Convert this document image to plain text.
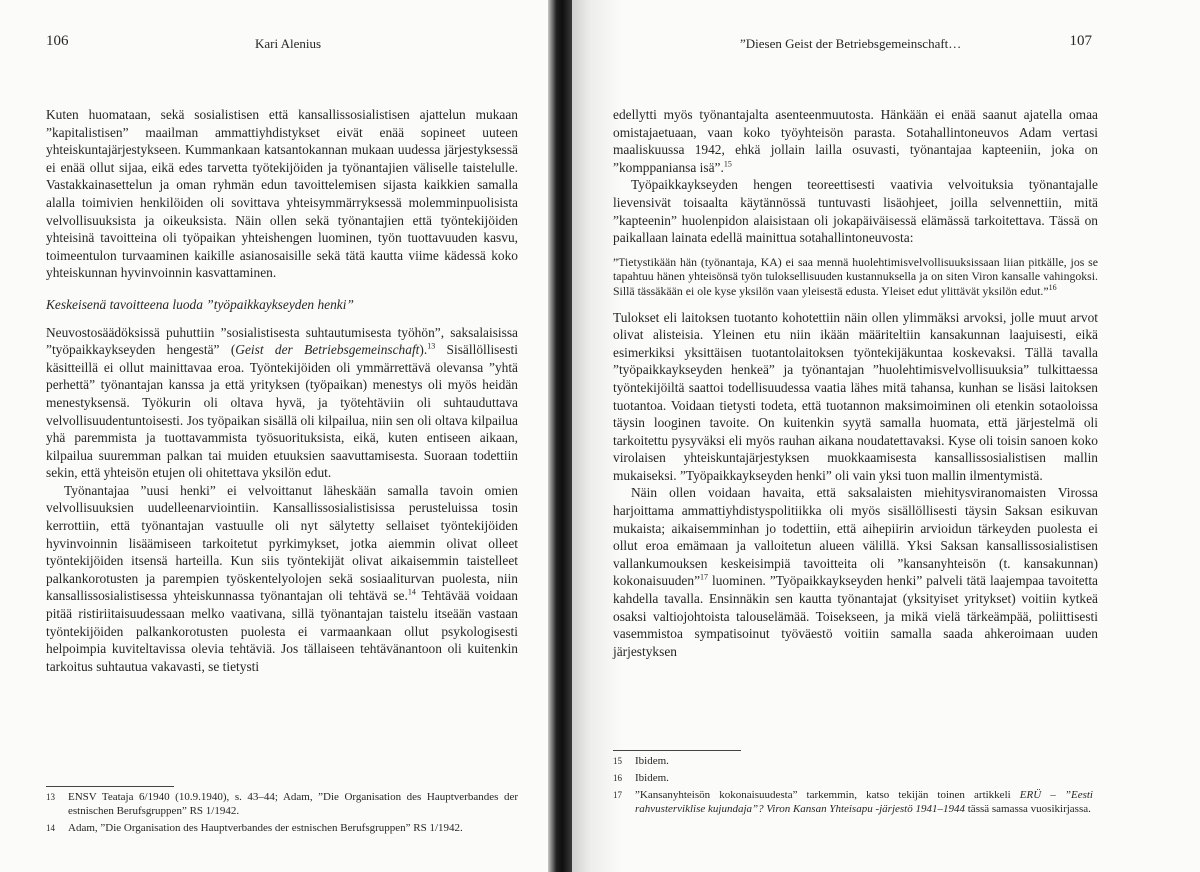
106	Kari Alenius

Kuten huomataan, sekä sosialistisen että kansallissosialistisen ajattelun mukaan ”kapitalistisen” maailman ammattiyhdistykset eivät enää sopineet uuteen yhteiskuntajärjestykseen. Kummankaan katsantokannan mukaan uudessa järjestyksessä ei enää ollut sijaa, eikä edes tarvetta työtekijöiden ja työnantajien väliselle taistelulle. Vastakkainasettelun ja oman ryhmän edun tavoittelemisen sijasta kaikkien samalla alalla toimivien henkilöiden oli sovittava yhteisymmärryksessä molemminpuolisista velvollisuuksista ja oikeuksista. Näin ollen sekä työnantajien että työntekijöiden yhteisinä tavoitteina oli työpaikan yhteishengen luominen, työn tuottavuuden kasvu, toimeentulon turvaaminen kaikille asianosaisille sekä tätä kautta viime kädessä koko yhteiskunnan hyvinvoinnin kasvattaminen.

Keskeisenä tavoitteena luoda ”työpaikkaykseyden henki”

Neuvostosäädöksissä puhuttiin ”sosialistisesta suhtautumisesta työhön”, saksalaisissa ”työpaikkaykseyden hengestä” (Geist der Betriebsgemeinschaft).$^{13}$ Sisällöllisesti käsitteillä ei ollut mainittavaa eroa. Työntekijöiden oli ymmärrettävä olevansa ”yhtä perhettä” työnantajan kanssa ja että yrityksen (työpaikan) menestys oli myös heidän menestyksensä. Työkurin oli oltava hyvä, ja työtehtäviin oli suhtauduttava velvollisuudentuntoisesti. Jos työpaikan sisällä oli kilpailua, niin sen oli oltava kilpailua yhä paremmista ja tuottavammista työsuorituksista, eikä, kuten entiseen aikaan, kilpailua suuremman palkan tai muiden etuuksien saavuttamisesta. Suoraan todettiin sekin, että yhteisön etujen oli ohitettava yksilön edut.

Työnantajaa ”uusi henki” ei velvoittanut läheskään samalla tavoin omien velvollisuuksien uudelleenarviointiin. Kansallissosialistisissa perusteluissa tosin kerrottiin, että työnantajan vastuulle oli nyt sälytetty sellaiset työntekijöiden hyvinvoinnin lisäämiseen tarkoitetut pyrkimykset, jotka aiemmin olivat olleet työntekijöiden itsensä harteilla. Kun siis työntekijät olivat aikaisemmin taistelleet palkankorotusten ja parempien työskentelyolojen sekä sosiaaliturvan puolesta, niin kansallissosialistisessa yhteiskunnassa työnantajan oli tehtävä se.$^{14}$ Tehtävää voidaan pitää ristiriitaisuudessaan melko vaativana, sillä työnantajan taistelu itseään vastaan työntekijöiden palkankorotusten puolesta ei varmaankaan ollut psykologisesti helpoimpia kuviteltavissa olevia tehtäviä. Jos tällaiseen tehtävänantoon oli kuitenkin tarkoitus suhtautua vakavasti, se tietysti

13	ENSV Teataja 6/1940 (10.9.1940), s. 43–44; Adam, ”Die Organisation des Hauptverbandes der estnischen Berufsgruppen” RS 1/1942.
14	Adam, ”Die Organisation des Hauptverbandes der estnischen Berufsgruppen” RS 1/1942.
”Diesen Geist der Betriebsgemeinschaft…	107

edellytti myös työnantajalta asenteenmuutosta. Hänkään ei enää saanut ajatella omaa omistajaetuaan, vaan koko työyhteisön parasta. Sotahallintoneuvos Adam vertasi maaliskuussa 1942, ehkä jollain lailla osuvasti, työnantajaa kapteeniin, joka on ”komppaniansa isä”.$^{15}$

Työpaikkaykseyden hengen teoreettisesti vaativia velvoituksia työnantajalle lievensivät toisaalta käytännössä tuntuvasti lisäohjeet, joilla selvennettiin, mitä ”kapteenin” huolenpidon alaisistaan oli jokapäiväisessä elämässä tarkoitettava. Tässä on paikallaan lainata edellä mainittua sotahallintoneuvosta:

”Tietystikään hän (työnantaja, KA) ei saa mennä huolehtimisvelvollisuuksissaan liian pitkälle, jos se tapahtuu hänen yhteisönsä työn tuloksellisuuden kustannuksella ja on siten Viron kansalle vahingoksi. Sillä tässäkään ei ole kyse yksilön vaan yleisestä edusta. Yleiset edut ylittävät yksilön edut.”$^{16}$

Tulokset eli laitoksen tuotanto kohotettiin näin ollen ylimmäksi arvoksi, jolle muut arvot olivat alisteisia. Yleinen etu niin ikään määriteltiin kansakunnan laajuisesti, eikä esimerkiksi yksittäisen tuotantolaitoksen työntekijäkuntaa koskevaksi. Tällä tavalla ”työpaikkaykseyden henkeä” ja työnantajan ”huolehtimisvelvollisuuksia” tulkittaessa työntekijöiltä saattoi todellisuudessa vaatia lähes mitä tahansa, kunhan se lisäsi laitoksen tuotantoa. Voidaan tietysti todeta, että tuotannon maksimoiminen oli etenkin sotaoloissa täysin looginen tavoite. On kuitenkin syytä samalla huomata, että järjestelmä oli tarkoitettu pysyväksi eli myös rauhan aikana noudatettavaksi. Kyse oli toisin sanoen koko virolaisen yhteiskuntajärjestyksen muokkaamisesta kansallissosialistisen mallin mukaiseksi. ”Työpaikkaykseyden henki” oli vain yksi tuon mallin ilmentymistä.

Näin ollen voidaan havaita, että saksalaisten miehitysviranomaisten Virossa harjoittama ammattiyhdistyspolitiikka oli myös sisällöllisesti täysin Saksan esikuvan mukaista; aikaisemminhan jo todettiin, että aihepiirin arvioidun tärkeyden puolesta ei ollut eroa emämaan ja valloitetun alueen välillä. Yksi Saksan kansallissosialistisen vallankumouksen keskeisimpiä tavoitteita oli ”kansanyhteisön (t. kansakunnan) kokonaisuuden”$^{17}$ luominen. ”Työpaikkaykseyden henki” palveli tätä laajempaa tavoitetta kahdella tavalla. Ensinnäkin sen kautta työnantajat (yksityiset yritykset) voitiin kytkeä osaksi valtiojohtoista talouselämää. Toisekseen, ja mikä vielä tärkeämpää, poliittisesti vasemmistoa sympatisoinut työväestö voitiin samalla saada ahkeroimaan uuden järjestyksen

15	Ibidem.
16	Ibidem.
17	”Kansanyhteisön kokonaisuudesta” tarkemmin, katso tekijän toinen artikkeli ERÜ – ”Eesti rahvusterviklise kujundaja”? Viron Kansan Yhteisapu -järjestö 1941–1944 tässä samassa vuosikirjassa.
